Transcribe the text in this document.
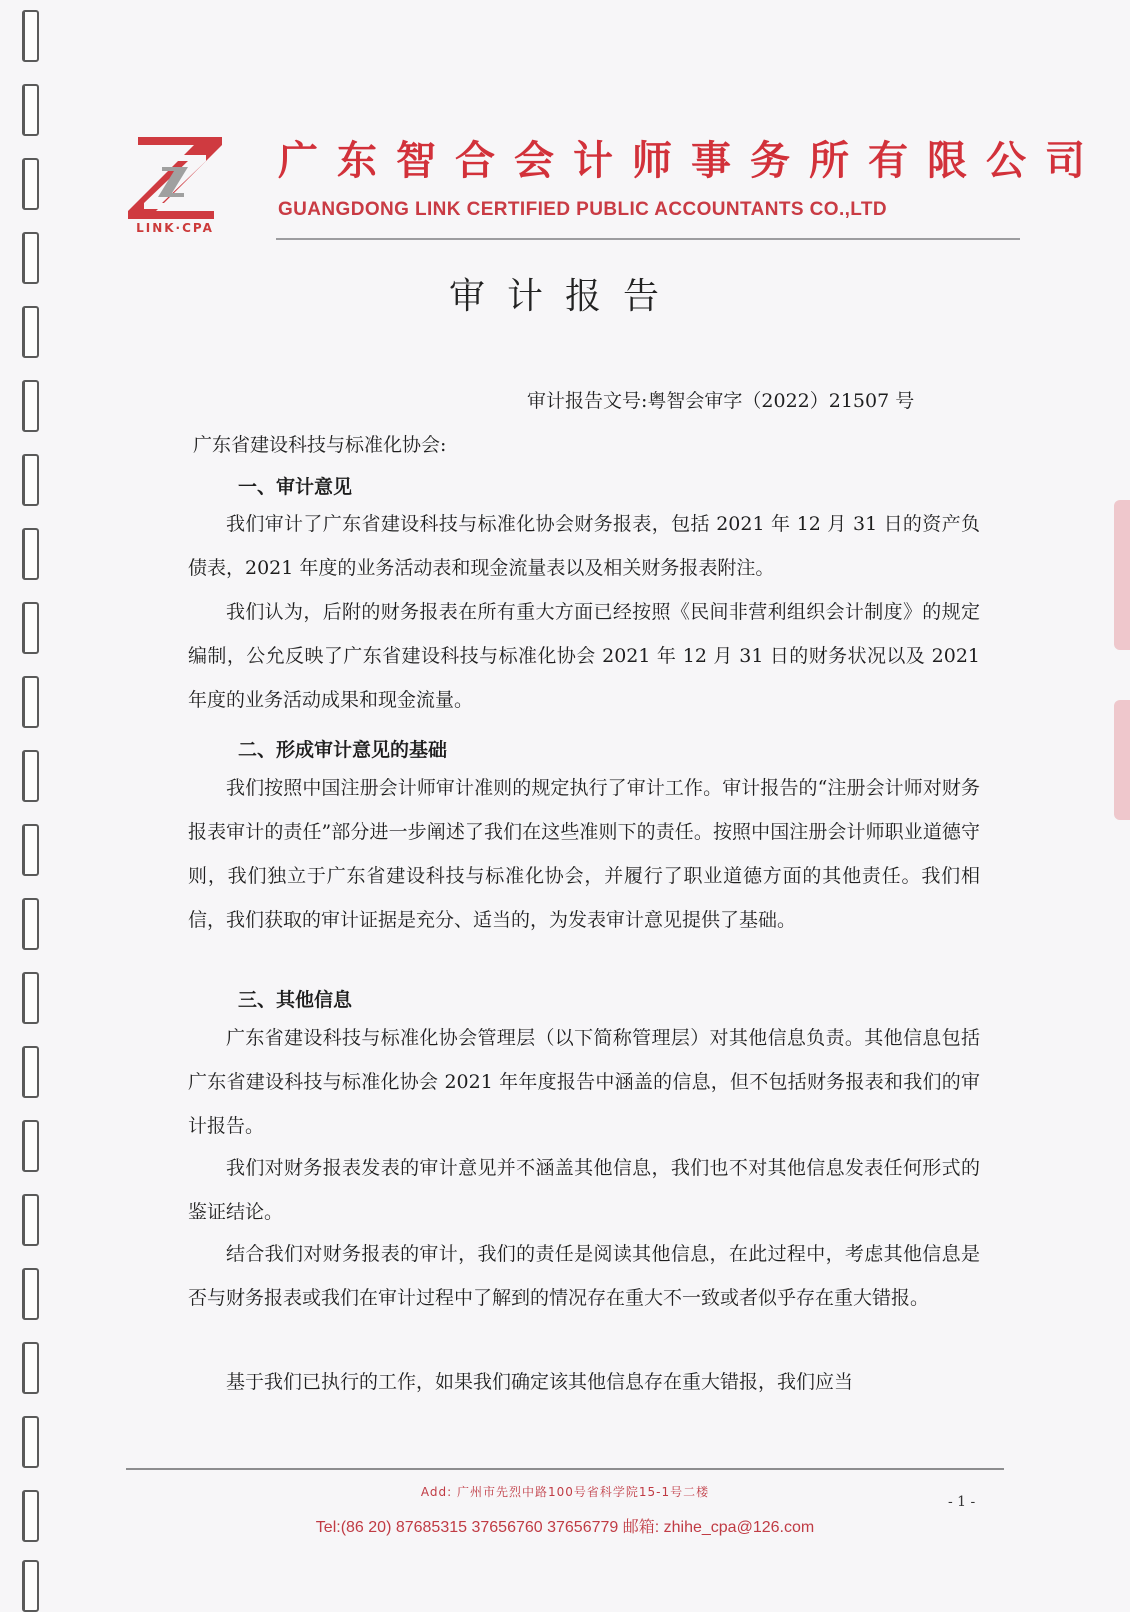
LINK·CPA
广东智合会计师事务所有限公司
GUANGDONG LINK CERTIFIED PUBLIC ACCOUNTANTS CO.,LTD
审计报告
审计报告文号:粤智会审字（2022）21507 号
广东省建设科技与标准化协会:
一、审计意见

我们审计了广东省建设科技与标准化协会财务报表，包括 2021 年 12 月 31 日的资产负债表，2021 年度的业务活动表和现金流量表以及相关财务报表附注。

我们认为，后附的财务报表在所有重大方面已经按照《民间非营利组织会计制度》的规定编制，公允反映了广东省建设科技与标准化协会 2021 年 12 月 31 日的财务状况以及 2021 年度的业务活动成果和现金流量。

二、形成审计意见的基础

我们按照中国注册会计师审计准则的规定执行了审计工作。审计报告的“注册会计师对财务报表审计的责任”部分进一步阐述了我们在这些准则下的责任。按照中国注册会计师职业道德守则，我们独立于广东省建设科技与标准化协会，并履行了职业道德方面的其他责任。我们相信，我们获取的审计证据是充分、适当的，为发表审计意见提供了基础。

三、其他信息

广东省建设科技与标准化协会管理层（以下简称管理层）对其他信息负责。其他信息包括广东省建设科技与标准化协会 2021 年年度报告中涵盖的信息，但不包括财务报表和我们的审计报告。

我们对财务报表发表的审计意见并不涵盖其他信息，我们也不对其他信息发表任何形式的鉴证结论。

结合我们对财务报表的审计，我们的责任是阅读其他信息，在此过程中，考虑其他信息是否与财务报表或我们在审计过程中了解到的情况存在重大不一致或者似乎存在重大错报。

基于我们已执行的工作，如果我们确定该其他信息存在重大错报，我们应当

Add: 广州市先烈中路100号省科学院15-1号二楼
- 1 -
Tel:(86 20) 87685315 37656760 37656779 邮箱: zhihe_cpa@126.com
